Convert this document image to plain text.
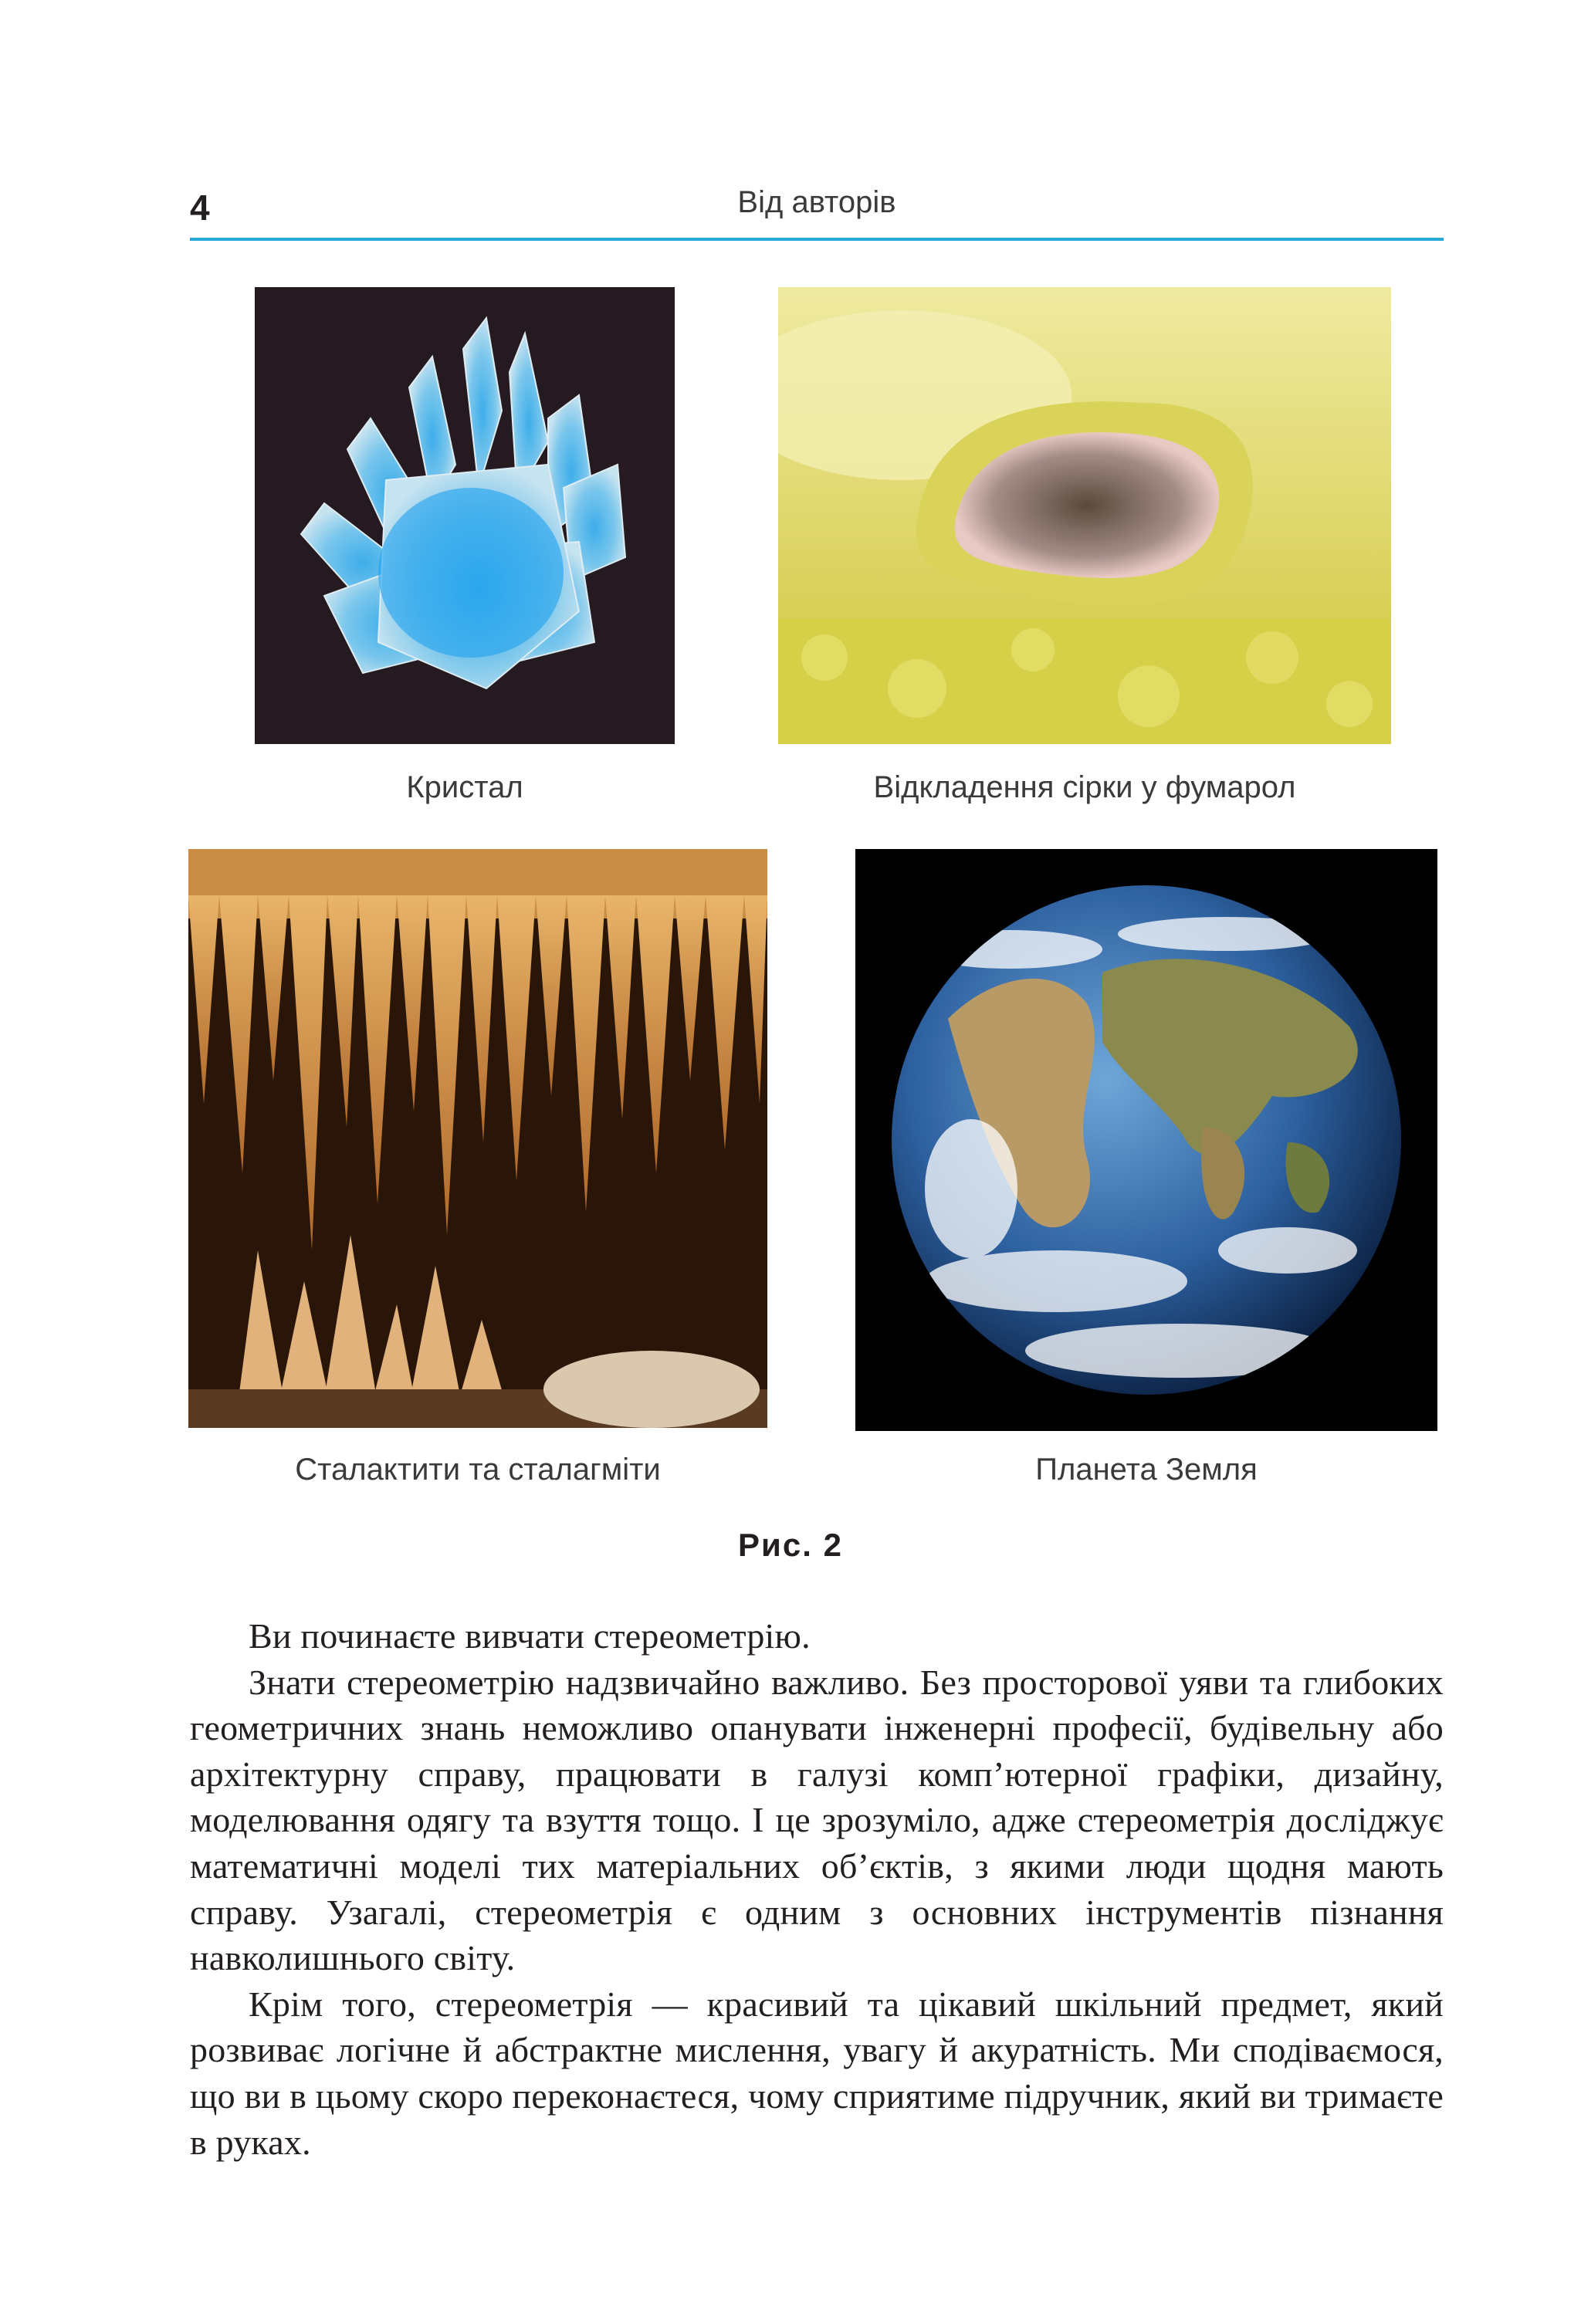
4	Від авторів
Кристал	Відкладення сірки у фумарол
Сталактити та сталагміти	Планета Земля
Рис. 2

Ви починаєте вивчати стереометрію.

Знати стереометрію надзвичайно важливо. Без просторової уяви та глибоких геометричних знань неможливо опанувати інженерні професії, будівельну або архітектурну справу, працювати в галузі комп’ютерної графіки, дизайну, моделювання одягу та взуття тощо. І це зрозуміло, адже стереометрія досліджує математичні моделі тих матеріальних об’єктів, з якими люди щодня мають справу. Узагалі, стереометрія є одним з основних інструментів пізнання навколишнього світу.

Крім того, стереометрія — красивий та цікавий шкільний предмет, який розвиває логічне й абстрактне мислення, увагу й акуратність. Ми сподіваємося, що ви в цьому скоро переконаєтеся, чому сприятиме підручник, який ви тримаєте в руках.
